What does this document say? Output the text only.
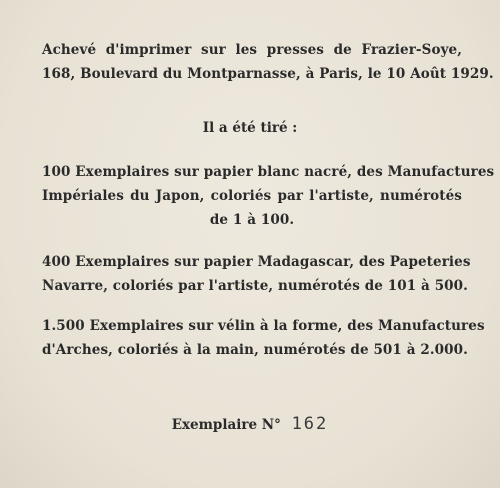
Achevé d'imprimer sur les presses de Frazier-Soye,
168, Boulevard du Montparnasse, à Paris, le 10 Août 1929.
Il a été tiré :
100 Exemplaires sur papier blanc nacré, des Manufactures
Impériales du Japon, coloriés par l'artiste, numérotés
de 1 à 100.
400 Exemplaires sur papier Madagascar, des Papeteries
Navarre, coloriés par l'artiste, numérotés de 101 à 500.
1.500 Exemplaires sur vélin à la forme, des Manufactures
d'Arches, coloriés à la main, numérotés de 501 à 2.000.
Exemplaire N° 162
